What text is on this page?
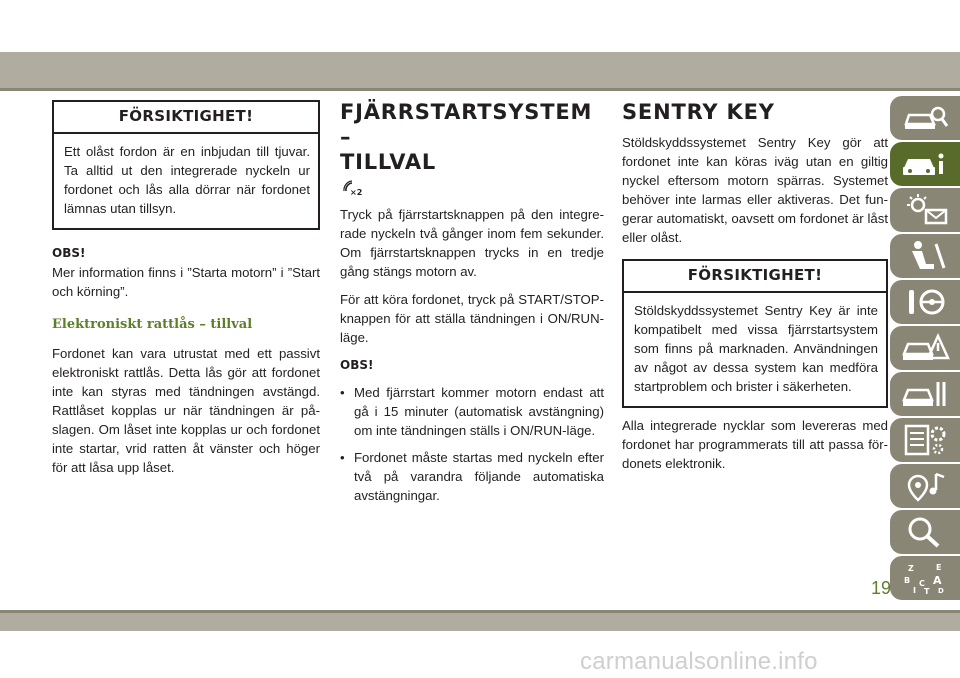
FÖRSIKTIGHET!
Ett olåst fordon är en inbjudan till tjuvar. Ta alltid ut den integrerade nyckeln ur fordonet och lås alla dörrar när fordonet lämnas utan tillsyn.
OBS!

Mer information finns i ”Starta motorn” i ”Start och körning”.

Elektroniskt rattlås – tillval

Fordonet kan vara utrustat med ett passivt elektroniskt rattlås. Detta lås gör att fordonet inte kan styras med tändningen avstängd. Rattlåset kopplas ur när tändningen är på-slagen. Om låset inte kopplas ur och fordonet inte startar, vrid ratten åt vänster och höger för att låsa upp låset.

FJÄRRSTARTSYSTEM –
TILLVAL
×2

Tryck på fjärrstartsknappen på den integre-rade nyckeln två gånger inom fem sekunder. Om fjärrstartsknappen trycks in en tredje gång stängs motorn av.

För att köra fordonet, tryck på START/STOP-knappen för att ställa tändningen i ON/RUN-läge.

OBS!
• Med fjärrstart kommer motorn endast att gå i 15 minuter (automatisk avstängning) om inte tändningen ställs i ON/RUN-läge.
• Fordonet måste startas med nyckeln efter två på varandra följande automatiska avstängningar.
SENTRY KEY

Stöldskyddssystemet Sentry Key gör att fordonet inte kan köras iväg utan en giltig nyckel eftersom motorn spärras. Systemet behöver inte larmas eller aktiveras. Det fun-gerar automatiskt, oavsett om fordonet är låst eller olåst.

FÖRSIKTIGHET!
Stöldskyddssystemet Sentry Key är inte kompatibelt med vissa fjärrstartsystem som finns på marknaden. Användningen av något av dessa system kan medföra startproblem och brister i säkerheten.

Alla integrerade nycklar som levereras med fordonet har programmerats till att passa för-donets elektronik.

Z	E
B A
I
C
T D
19
carmanualsonline.info
